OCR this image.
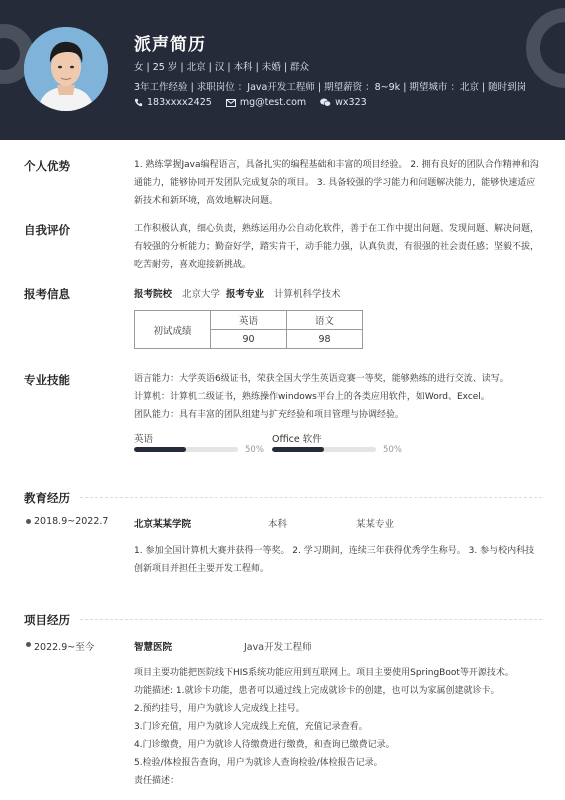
派声简历
女 | 25 岁 | 北京 | 汉 | 本科 | 未婚 | 群众
3年工作经验 | 求职岗位 ：Java开发工程师 | 期望薪资 ：8~9k | 期望城市 ：北京 | 随时到岗
183xxxx2425	mg@test.com	wx323
个人优势	1. 熟练掌握Java编程语言，具备扎实的编程基础和丰富的项目经验。 2. 拥有良好的团队合作精神和沟通能力，能够协同开发团队完成复杂的项目。 3. 具备较强的学习能力和问题解决能力，能够快速适应新技术和新环境，高效地解决问题。
自我评价	工作积极认真，细心负责，熟练运用办公自动化软件，善于在工作中提出问题、发现问题、解决问题，有较强的分析能力；勤奋好学，踏实肯干，动手能力强，认真负责，有很强的社会责任感；坚毅不拔，吃苦耐劳，喜欢迎接新挑战。
报考信息	报考院校 北京大学 报考专业 计算机科学技术
初试成绩	英语	语文
	90	98
专业技能	语言能力：大学英语6级证书，荣获全国大学生英语竞赛一等奖，能够熟练的进行交流、读写。
计算机：计算机二级证书，熟练操作windows平台上的各类应用软件，如Word、Excel。
团队能力：具有丰富的团队组建与扩充经验和项目管理与协调经验。
英语
50%
Office 软件
50%
教育经历
2018.9~2022.7	北京某某学院	本科	某某专业
1. 参加全国计算机大赛并获得一等奖。 2. 学习期间，连续三年获得优秀学生称号。 3. 参与校内科技创新项目并担任主要开发工程师。
项目经历
2022.9~至今	智慧医院	Java开发工程师
项目主要功能把医院线下HIS系统功能应用到互联网上。项目主要使用SpringBoot等开源技术。
功能描述: 1.就诊卡功能，患者可以通过线上完成就诊卡的创建，也可以为家属创建就诊卡。
2.预约挂号，用户为就诊人完成线上挂号。
3.门诊充值，用户为就诊人完成线上充值，充值记录查看。
4.门诊缴费，用户为就诊人待缴费进行缴费，和查询已缴费记录。
5.检验/体检报告查询，用户为就诊人查询检验/体检报告记录。
责任描述：
